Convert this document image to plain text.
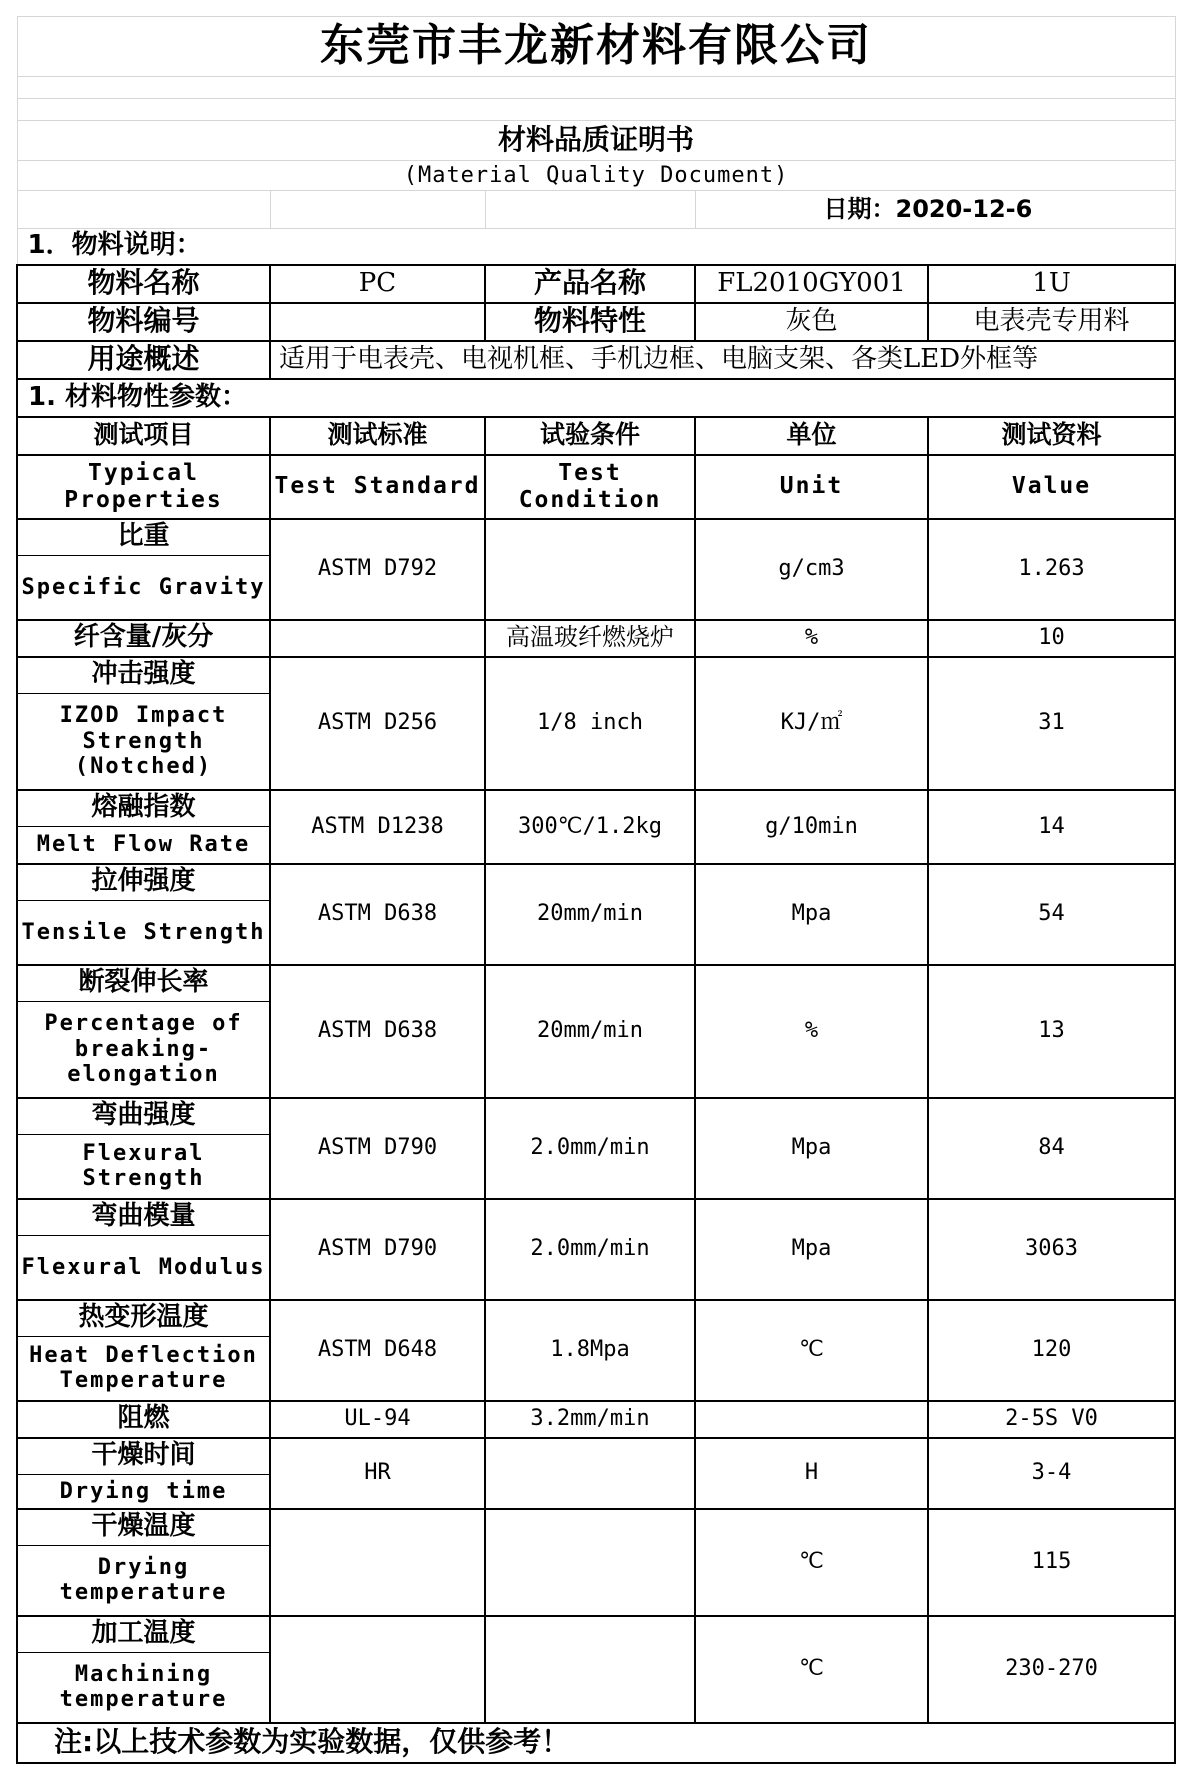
东莞市丰龙新材料有限公司				

材料品质证明书				
(Material Quality Document)				
			日期：2020-12-6	
1．物料说明：				
物料名称	PC	产品名称	FL2010GY001	1U
物料编号		物料特性	灰色	电表壳专用料
用途概述	适用于电表壳、电视机框、手机边框、电脑支架、各类LED外框等			
1. 材料物性参数：				
测试项目	测试标准	试验条件	单位	测试资料
Typical Properties	Test Standard	Test Condition	Unit	Value
比重	ASTM D792		g/cm3	1.263
Specific Gravity				
纤含量/灰分		高温玻纤燃烧炉	%	10
冲击强度	ASTM D256	1/8 inch	KJ/㎡	31
IZOD Impact Strength (Notched)				
熔融指数	ASTM D1238	300℃/1.2kg	g/10min	14
Melt Flow Rate				
拉伸强度	ASTM D638	20mm/min	Mpa	54
Tensile Strength				
断裂伸长率	ASTM D638	20mm/min	%	13
Percentage of breaking-elongation				
弯曲强度	ASTM D790	2.0mm/min	Mpa	84
Flexural Strength				
弯曲模量	ASTM D790	2.0mm/min	Mpa	3063
Flexural Modulus				
热变形温度	ASTM D648	1.8Mpa	℃	120
Heat Deflection Temperature				
阻燃	UL-94	3.2mm/min		2-5S V0
干燥时间	HR		H	3-4
Drying time				
干燥温度			℃	115
Drying temperature				
加工温度			℃	230-270
Machining temperature				
注:以上技术参数为实验数据，仅供参考！				
